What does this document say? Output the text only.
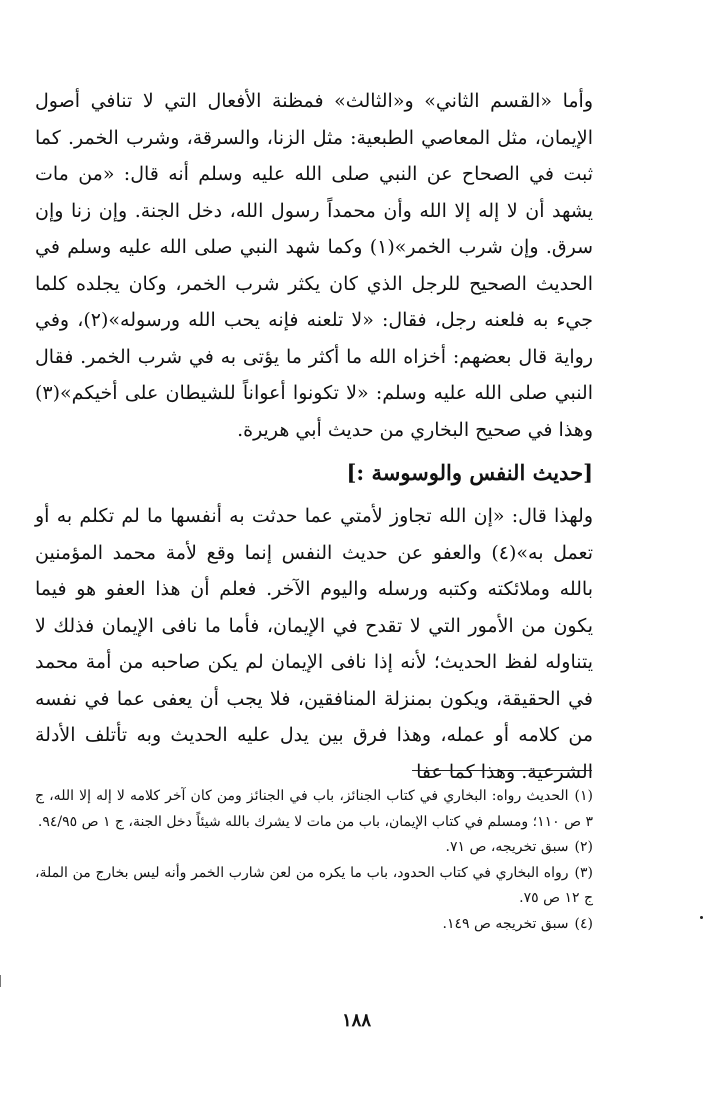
وأما «القسم الثاني» و«الثالث» فمظنة الأفعال التي لا تنافي أصول الإيمان، مثل المعاصي الطبعية: مثل الزنا، والسرقة، وشرب الخمر. كما ثبت في الصحاح عن النبي صلى الله عليه وسلم أنه قال: «من مات يشهد أن لا إله إلا الله وأن محمداً رسول الله، دخل الجنة. وإن زنا وإن سرق. وإن شرب الخمر»(١) وكما شهد النبي صلى الله عليه وسلم في الحديث الصحيح للرجل الذي كان يكثر شرب الخمر، وكان يجلده كلما جيء به فلعنه رجل، فقال: «لا تلعنه فإنه يحب الله ورسوله»(٢)، وفي رواية قال بعضهم: أخزاه الله ما أكثر ما يؤتى به في شرب الخمر. فقال النبي صلى الله عليه وسلم: «لا تكونوا أعواناً للشيطان على أخيكم»(٣) وهذا في صحيح البخاري من حديث أبي هريرة.

[حديث النفس والوسوسة :]

ولهذا قال: «إن الله تجاوز لأمتي عما حدثت به أنفسها ما لم تكلم به أو تعمل به»(٤) والعفو عن حديث النفس إنما وقع لأمة محمد المؤمنين بالله وملائكته وكتبه ورسله واليوم الآخر. فعلم أن هذا العفو هو فيما يكون من الأمور التي لا تقدح في الإيمان، فأما ما نافى الإيمان فذلك لا يتناوله لفظ الحديث؛ لأنه إذا نافى الإيمان لم يكن صاحبه من أمة محمد في الحقيقة، ويكون بمنزلة المنافقين، فلا يجب أن يعفى عما في نفسه من كلامه أو عمله، وهذا فرق بين يدل عليه الحديث وبه تأتلف الأدلة الشرعية. وهذا كما عفا

(١)الحديث رواه: البخاري في كتاب الجنائز، باب في الجنائز ومن كان آخر كلامه لا إله إلا الله، ج ٣ ص ١١٠؛ ومسلم في كتاب الإيمان، باب من مات لا يشرك بالله شيئاً دخل الجنة، ج ١ ص ٩٤/٩٥.

(٢)سبق تخريجه، ص ٧١.

(٣)رواه البخاري في كتاب الحدود، باب ما يكره من لعن شارب الخمر وأنه ليس بخارج من الملة، ج ١٢ ص ٧٥.

(٤)سبق تخريجه ص ١٤٩.

١٨٨
